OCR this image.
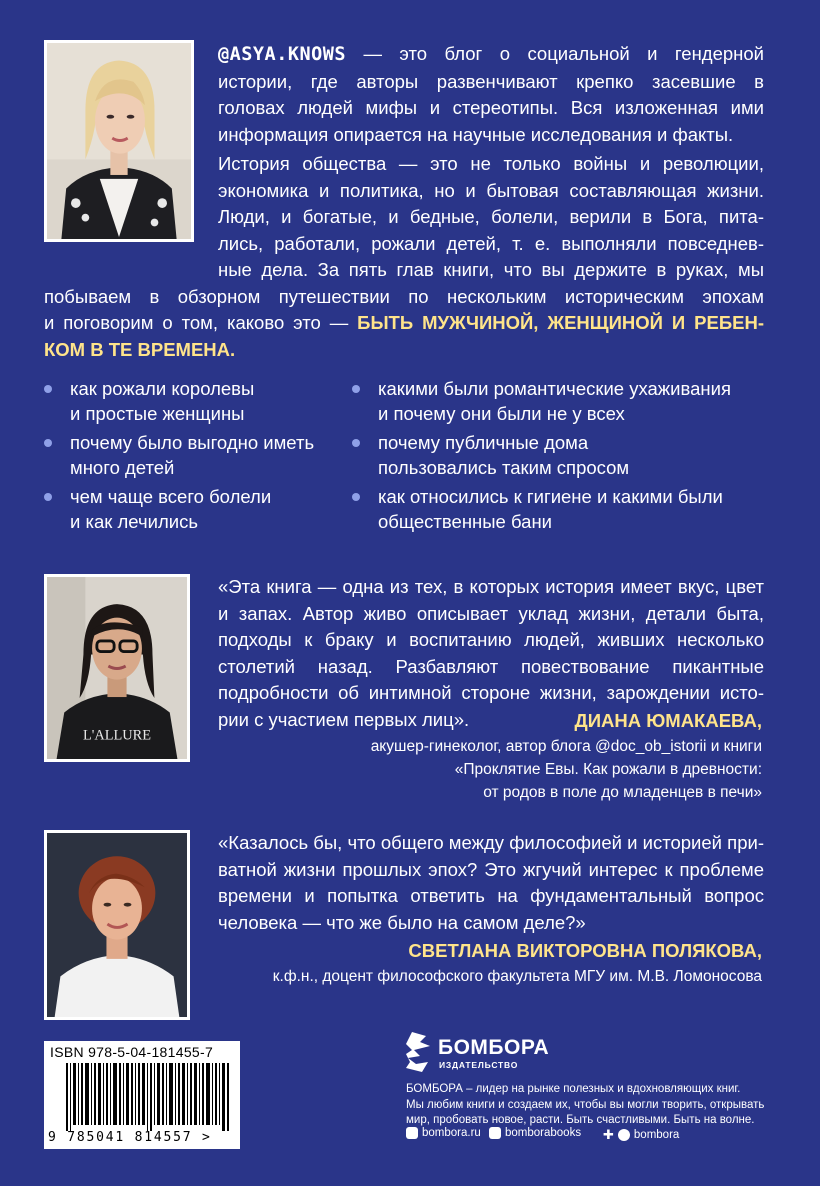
@ASYA.KNOWS — это блог о социальной и гендерной
истории, где авторы развенчивают крепко засевшие в
головах людей мифы и стереотипы. Вся изложенная ими
информация опирается на научные исследования и факты.
История общества — это не только войны и революции,
экономика и политика, но и бытовая составляющая жизни.
Люди, и богатые, и бедные, болели, верили в Бога, пита-
лись, работали, рожали детей, т. е. выполняли повседнев-
ные дела. За пять глав книги, что вы держите в руках, мы
побываем в обзорном путешествии по нескольким историческим эпохам
и поговорим о том, каково это — БЫТЬ МУЖЧИНОЙ, ЖЕНЩИНОЙ И РЕБЕН-
КОМ В ТЕ ВРЕМЕНА.
как рожали королевы
и простые женщины
почему было выгодно иметь
много детей
чем чаще всего болели
и как лечились
какими были романтические ухаживания
и почему они были не у всех
почему публичные дома
пользовались таким спросом
как относились к гигиене и какими были
общественные бани
L'ALLURE
«Эта книга — одна из тех, в которых история имеет вкус, цвет
и запах. Автор живо описывает уклад жизни, детали быта,
подходы к браку и воспитанию людей, живших несколько
столетий назад. Разбавляют повествование пикантные
подробности об интимной стороне жизни, зарождении исто-
рии с участием первых лиц».	ДИАНА ЮМАКАЕВА,
акушер-гинеколог, автор блога @doc_ob_istorii и книги
«Проклятие Евы. Как рожали в древности:
от родов в поле до младенцев в печи»
«Казалось бы, что общего между философией и историей при-
ватной жизни прошлых эпох? Это жгучий интерес к проблеме
времени и попытка ответить на фундаментальный вопрос
человека — что же было на самом деле?»
СВЕТЛАНА ВИКТОРОВНА ПОЛЯКОВА,
к.ф.н., доцент философского факультета МГУ им. М.В. Ломоносова
ISBN 978-5-04-181455-7
9 785041 814557 >
БОМБОРА
ИЗДАТЕЛЬСТВО
БОМБОРА – лидер на рынке полезных и вдохновляющих книг.
Мы любим книги и создаем их, чтобы вы могли творить, открывать
мир, пробовать новое, расти. Быть счастливыми. Быть на волне.
bombora.ru bomborabooks ✚ bombora
